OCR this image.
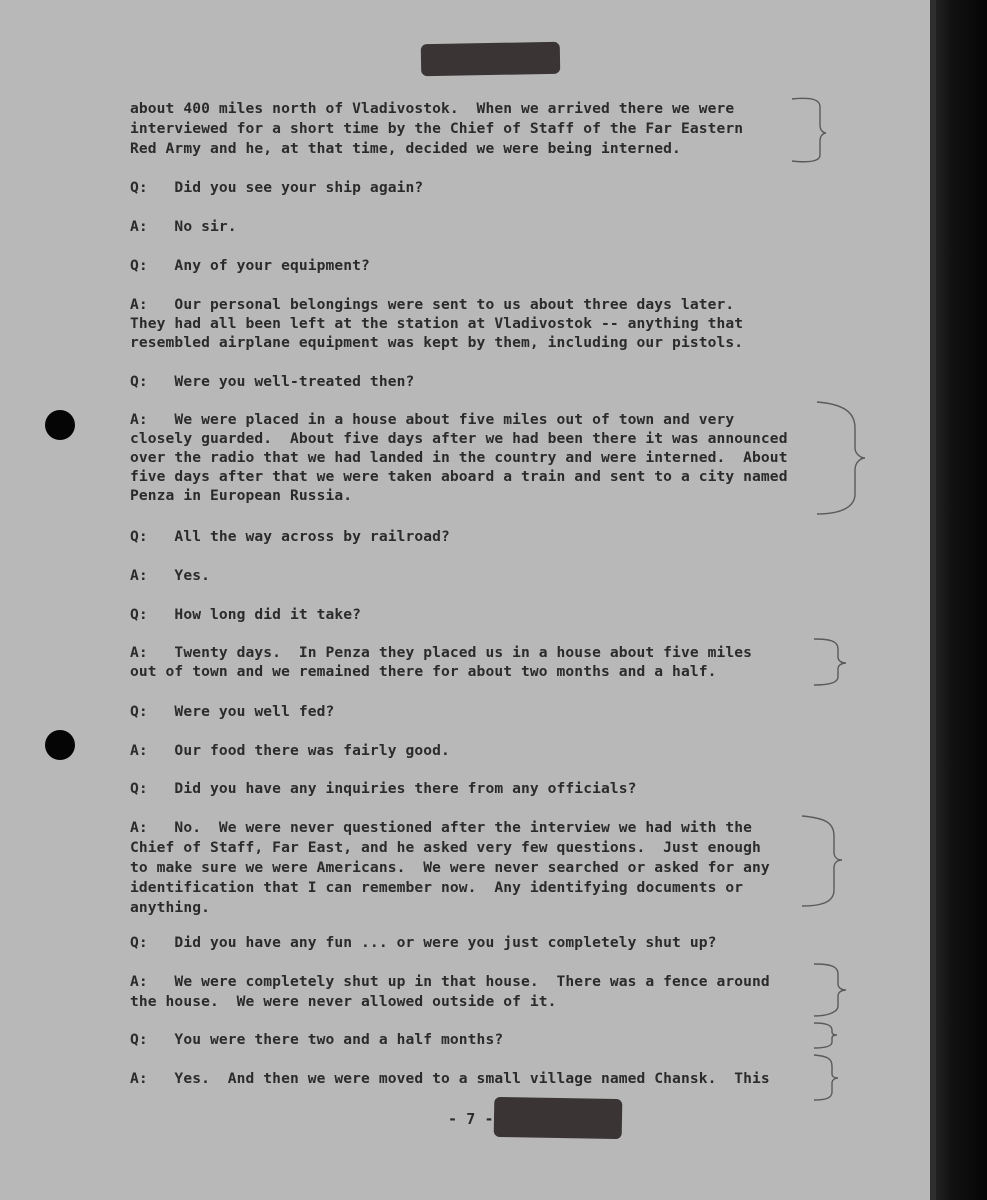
about 400 miles north of Vladivostok.  When we arrived there we were
interviewed for a short time by the Chief of Staff of the Far Eastern
Red Army and he, at that time, decided we were being interned.
Q:   Did you see your ship again?
A:   No sir.
Q:   Any of your equipment?
A:   Our personal belongings were sent to us about three days later.
They had all been left at the station at Vladivostok -- anything that
resembled airplane equipment was kept by them, including our pistols.
Q:   Were you well-treated then?
A:   We were placed in a house about five miles out of town and very
closely guarded.  About five days after we had been there it was announced
over the radio that we had landed in the country and were interned.  About
five days after that we were taken aboard a train and sent to a city named
Penza in European Russia.
Q:   All the way across by railroad?
A:   Yes.
Q:   How long did it take?
A:   Twenty days.  In Penza they placed us in a house about five miles
out of town and we remained there for about two months and a half.
Q:   Were you well fed?
A:   Our food there was fairly good.
Q:   Did you have any inquiries there from any officials?
A:   No.  We were never questioned after the interview we had with the
Chief of Staff, Far East, and he asked very few questions.  Just enough
to make sure we were Americans.  We were never searched or asked for any
identification that I can remember now.  Any identifying documents or
anything.
Q:   Did you have any fun ... or were you just completely shut up?
A:   We were completely shut up in that house.  There was a fence around
the house.  We were never allowed outside of it.
Q:   You were there two and a half months?
A:   Yes.  And then we were moved to a small village named Chansk.  This
- 7 -
